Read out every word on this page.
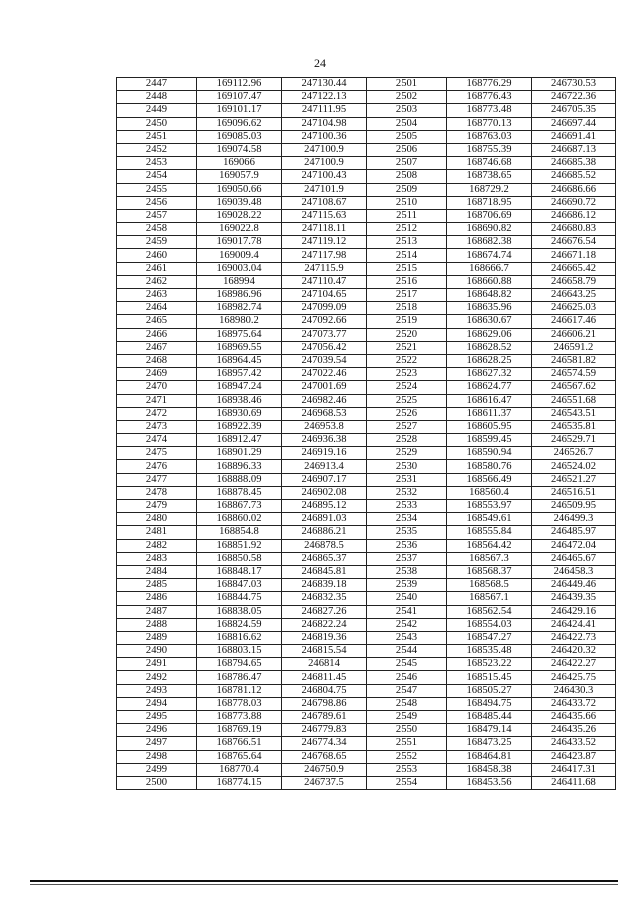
24
2447	169112.96	247130.44	2501	168776.29	246730.53
2448	169107.47	247122.13	2502	168776.43	246722.36
2449	169101.17	247111.95	2503	168773.48	246705.35
2450	169096.62	247104.98	2504	168770.13	246697.44
2451	169085.03	247100.36	2505	168763.03	246691.41
2452	169074.58	247100.9	2506	168755.39	246687.13
2453	169066	247100.9	2507	168746.68	246685.38
2454	169057.9	247100.43	2508	168738.65	246685.52
2455	169050.66	247101.9	2509	168729.2	246686.66
2456	169039.48	247108.67	2510	168718.95	246690.72
2457	169028.22	247115.63	2511	168706.69	246686.12
2458	169022.8	247118.11	2512	168690.82	246680.83
2459	169017.78	247119.12	2513	168682.38	246676.54
2460	169009.4	247117.98	2514	168674.74	246671.18
2461	169003.04	247115.9	2515	168666.7	246665.42
2462	168994	247110.47	2516	168660.88	246658.79
2463	168986.96	247104.65	2517	168648.82	246643.25
2464	168982.74	247099.09	2518	168635.96	246625.03
2465	168980.2	247092.66	2519	168630.67	246617.46
2466	168975.64	247073.77	2520	168629.06	246606.21
2467	168969.55	247056.42	2521	168628.52	246591.2
2468	168964.45	247039.54	2522	168628.25	246581.82
2469	168957.42	247022.46	2523	168627.32	246574.59
2470	168947.24	247001.69	2524	168624.77	246567.62
2471	168938.46	246982.46	2525	168616.47	246551.68
2472	168930.69	246968.53	2526	168611.37	246543.51
2473	168922.39	246953.8	2527	168605.95	246535.81
2474	168912.47	246936.38	2528	168599.45	246529.71
2475	168901.29	246919.16	2529	168590.94	246526.7
2476	168896.33	246913.4	2530	168580.76	246524.02
2477	168888.09	246907.17	2531	168566.49	246521.27
2478	168878.45	246902.08	2532	168560.4	246516.51
2479	168867.73	246895.12	2533	168553.97	246509.95
2480	168860.02	246891.03	2534	168549.61	246499.3
2481	168854.8	246886.21	2535	168555.84	246485.97
2482	168851.92	246878.5	2536	168564.42	246472.04
2483	168850.58	246865.37	2537	168567.3	246465.67
2484	168848.17	246845.81	2538	168568.37	246458.3
2485	168847.03	246839.18	2539	168568.5	246449.46
2486	168844.75	246832.35	2540	168567.1	246439.35
2487	168838.05	246827.26	2541	168562.54	246429.16
2488	168824.59	246822.24	2542	168554.03	246424.41
2489	168816.62	246819.36	2543	168547.27	246422.73
2490	168803.15	246815.54	2544	168535.48	246420.32
2491	168794.65	246814	2545	168523.22	246422.27
2492	168786.47	246811.45	2546	168515.45	246425.75
2493	168781.12	246804.75	2547	168505.27	246430.3
2494	168778.03	246798.86	2548	168494.75	246433.72
2495	168773.88	246789.61	2549	168485.44	246435.66
2496	168769.19	246779.83	2550	168479.14	246435.26
2497	168766.51	246774.34	2551	168473.25	246433.52
2498	168765.64	246768.65	2552	168464.81	246423.87
2499	168770.4	246750.9	2553	168458.38	246417.31
2500	168774.15	246737.5	2554	168453.56	246411.68
